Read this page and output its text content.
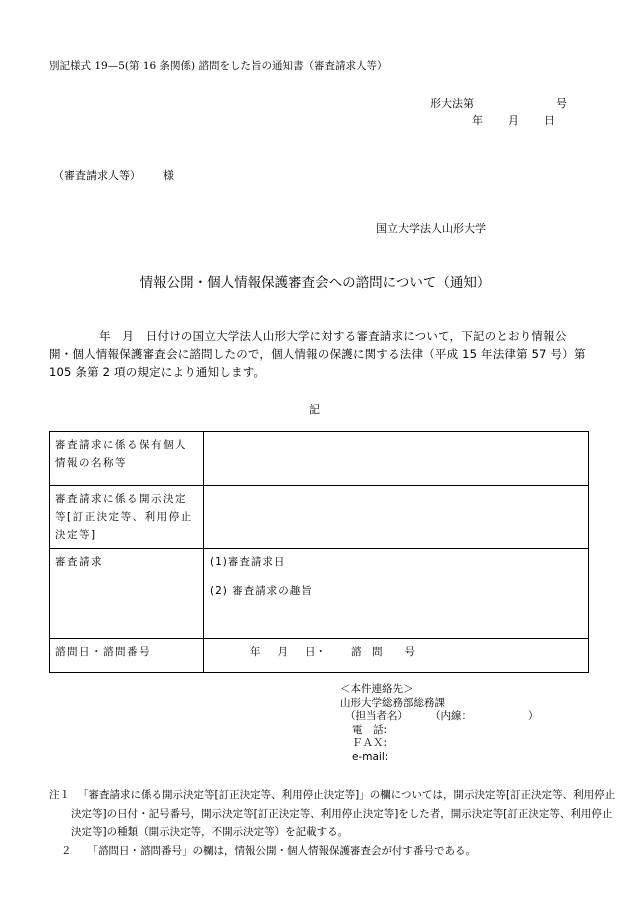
別記様式 19—5(第 16 条関係) 諮問をした旨の通知書（審査請求人等）
形大法第	号
年 月 日
（審査請求人等） 様
国立大学法人山形大学
情報公開・個人情報保護審査会への諮問について（通知）
年　月　日付けの国立大学法人山形大学に対する審査請求について，下記のとおり情報公開・個人情報保護審査会に諮問したので，個人情報の保護に関する法律（平成 15 年法律第 57 号）第 105 条第 2 項の規定により通知します。
記
審査請求に係る保有個人情報の名称等	
審査請求に係る開示決定等[訂正決定等、利用停止決定等]	
審査請求	(1)審査請求日
(2) 審査請求の趣旨

諮問日・諮問番号	年 月 日・ 諮　問 号
＜本件連絡先＞
山形大学総務部総務課
（担当者名） （内線：	）
電　話:
ＦＡＸ:
e-mail:
注１ 「審査請求に係る開示決定等[訂正決定等、利用停止決定等]」の欄については，開示決定等[訂正決定等、利用停止決定等]の日付・記号番号，開示決定等[訂正決定等、利用停止決定等]をした者，開示決定等[訂正決定等、利用停止決定等]の種類（開示決定等，不開示決定等）を記載する。
２ 「諮問日・諮問番号」の欄は，情報公開・個人情報保護審査会が付す番号である。
